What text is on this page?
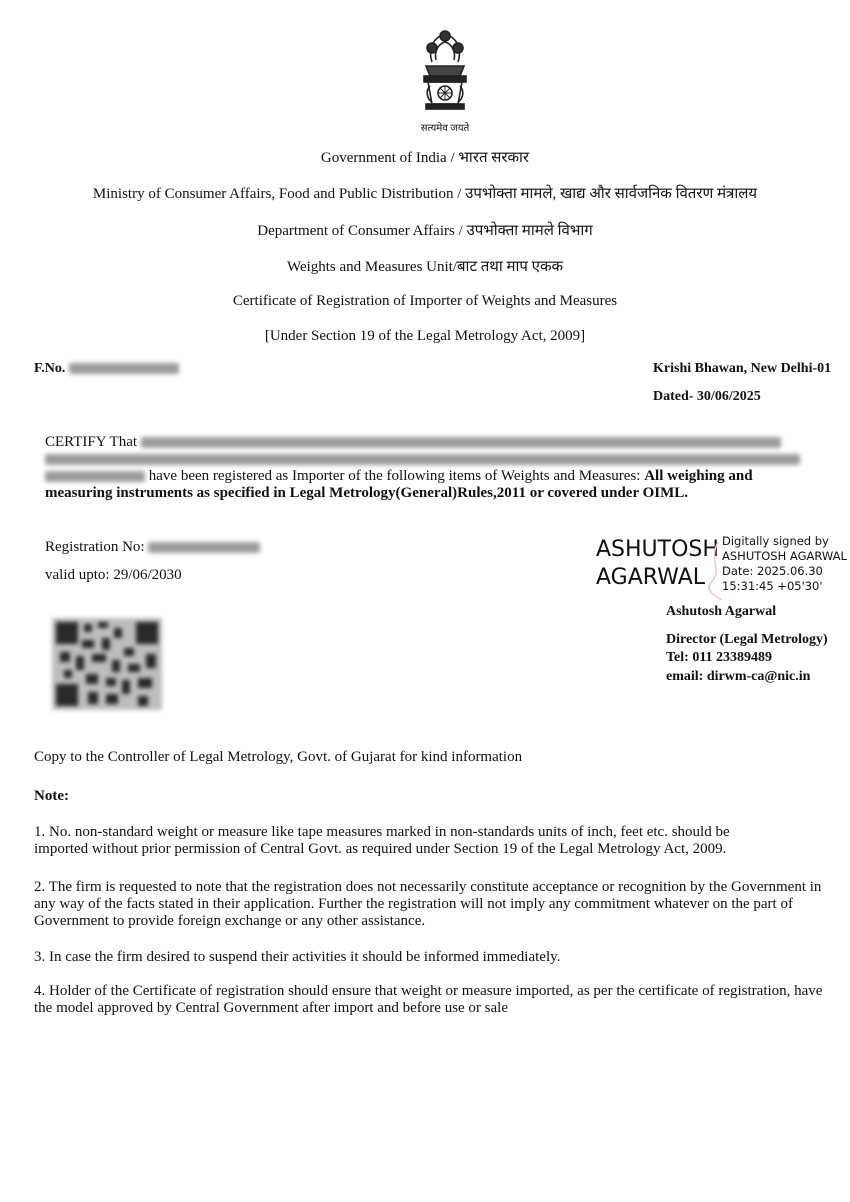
सत्यमेव जयते
Government of India / भारत सरकार
Ministry of Consumer Affairs, Food and Public Distribution / उपभोक्ता मामले, खाद्य और सार्वजनिक वितरण मंत्रालय
Department of Consumer Affairs / उपभोक्ता मामले विभाग
Weights and Measures Unit/बाट तथा माप एकक
Certificate of Registration of Importer of Weights and Measures
[Under Section 19 of the Legal Metrology Act, 2009]
F.No.	Krishi Bhawan, New Delhi-01
Dated- 30/06/2025
CERTIFY That

have been registered as Importer of the following items of Weights and Measures: All weighing and
measuring instruments as specified in Legal Metrology(General)Rules,2011 or covered under OIML.
Registration No:
valid upto: 29/06/2030
ASHUTOSH
AGARWAL
Digitally signed by
ASHUTOSH AGARWAL
Date: 2025.06.30
15:31:45 +05'30'
Ashutosh Agarwal
Director (Legal Metrology)
Tel: 011 23389489
email: dirwm-ca@nic.in
Copy to the Controller of Legal Metrology, Govt. of Gujarat for kind information
Note:
1. No. non-standard weight or measure like tape measures marked in non-standards units of inch, feet etc. should be
imported without prior permission of Central Govt. as required under Section 19 of the Legal Metrology Act, 2009.
2. The firm is requested to note that the registration does not necessarily constitute acceptance or recognition by the Government in
any way of the facts stated in their application. Further the registration will not imply any commitment whatever on the part of
Government to provide foreign exchange or any other assistance.
3. In case the firm desired to suspend their activities it should be informed immediately.
4. Holder of the Certificate of registration should ensure that weight or measure imported, as per the certificate of registration, have
the model approved by Central Government after import and before use or sale
